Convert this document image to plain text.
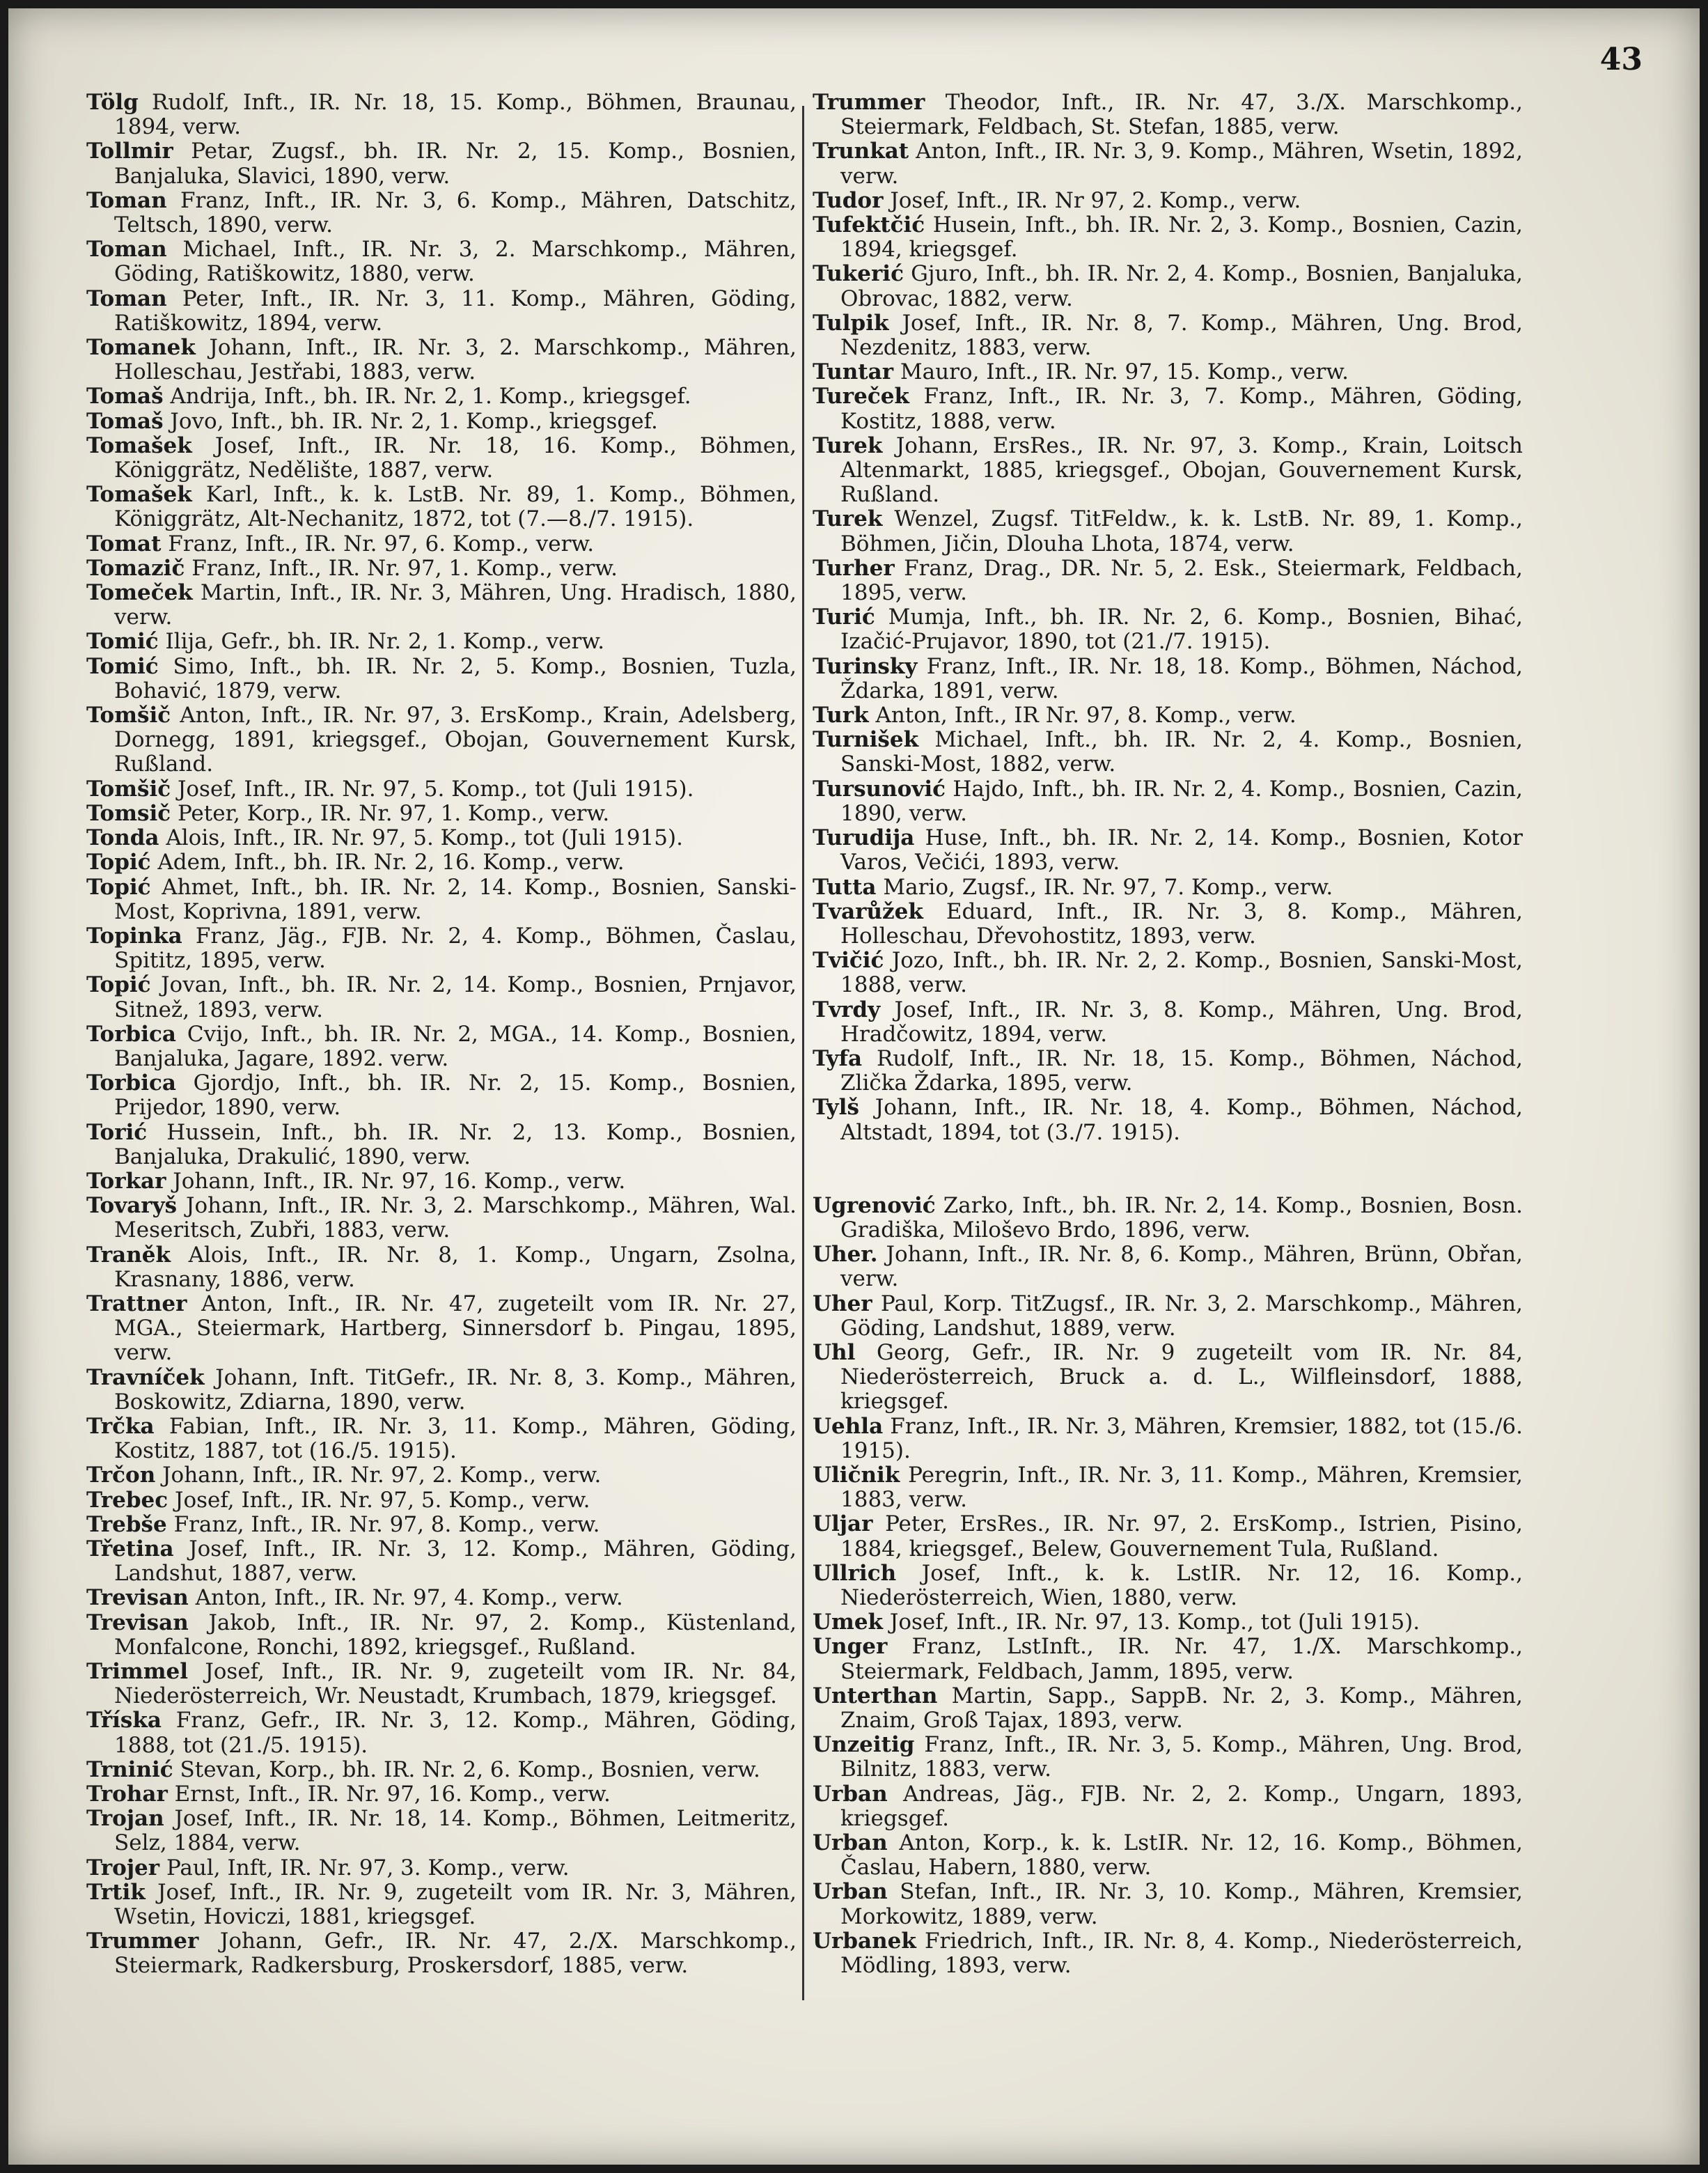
43
Tölg Rudolf, Inft., IR. Nr. 18, 15. Komp., Böhmen, Braunau, 1894, verw.
Tollmir Petar, Zugsf., bh. IR. Nr. 2, 15. Komp., Bosnien, Banjaluka, Slavici, 1890, verw.
Toman Franz, Inft., IR. Nr. 3, 6. Komp., Mähren, Datschitz, Teltsch, 1890, verw.
Toman Michael, Inft., IR. Nr. 3, 2. Marschkomp., Mähren, Göding, Ratiškowitz, 1880, verw.
Toman Peter, Inft., IR. Nr. 3, 11. Komp., Mähren, Göding, Ratiškowitz, 1894, verw.
Tomanek Johann, Inft., IR. Nr. 3, 2. Marschkomp., Mähren, Holleschau, Jestřabi, 1883, verw.
Tomaš Andrija, Inft., bh. IR. Nr. 2, 1. Komp., kriegsgef.
Tomaš Jovo, Inft., bh. IR. Nr. 2, 1. Komp., kriegsgef.
Tomašek Josef, Inft., IR. Nr. 18, 16. Komp., Böhmen, Königgrätz, Nedělište, 1887, verw.
Tomašek Karl, Inft., k. k. LstB. Nr. 89, 1. Komp., Böhmen, Königgrätz, Alt-Nechanitz, 1872, tot (7.—8./7. 1915).
Tomat Franz, Inft., IR. Nr. 97, 6. Komp., verw.
Tomazič Franz, Inft., IR. Nr. 97, 1. Komp., verw.
Tomeček Martin, Inft., IR. Nr. 3, Mähren, Ung. Hradisch, 1880, verw.
Tomić Ilija, Gefr., bh. IR. Nr. 2, 1. Komp., verw.
Tomić Simo, Inft., bh. IR. Nr. 2, 5. Komp., Bosnien, Tuzla, Bohavić, 1879, verw.
Tomšič Anton, Inft., IR. Nr. 97, 3. ErsKomp., Krain, Adelsberg, Dornegg, 1891, kriegsgef., Obojan, Gouvernement Kursk, Rußland.
Tomšič Josef, Inft., IR. Nr. 97, 5. Komp., tot (Juli 1915).
Tomsič Peter, Korp., IR. Nr. 97, 1. Komp., verw.
Tonda Alois, Inft., IR. Nr. 97, 5. Komp., tot (Juli 1915).
Topić Adem, Inft., bh. IR. Nr. 2, 16. Komp., verw.
Topić Ahmet, Inft., bh. IR. Nr. 2, 14. Komp., Bosnien, Sanski-Most, Koprivna, 1891, verw.
Topinka Franz, Jäg., FJB. Nr. 2, 4. Komp., Böhmen, Časlau, Spititz, 1895, verw.
Topić Jovan, Inft., bh. IR. Nr. 2, 14. Komp., Bosnien, Prnjavor, Sitnež, 1893, verw.
Torbica Cvijo, Inft., bh. IR. Nr. 2, MGA., 14. Komp., Bosnien, Banjaluka, Jagare, 1892. verw.
Torbica Gjordjo, Inft., bh. IR. Nr. 2, 15. Komp., Bosnien, Prijedor, 1890, verw.
Torić Hussein, Inft., bh. IR. Nr. 2, 13. Komp., Bosnien, Banjaluka, Drakulić, 1890, verw.
Torkar Johann, Inft., IR. Nr. 97, 16. Komp., verw.
Tovaryš Johann, Inft., IR. Nr. 3, 2. Marschkomp., Mähren, Wal. Meseritsch, Zubři, 1883, verw.
Traněk Alois, Inft., IR. Nr. 8, 1. Komp., Ungarn, Zsolna, Krasnany, 1886, verw.
Trattner Anton, Inft., IR. Nr. 47, zugeteilt vom IR. Nr. 27, MGA., Steiermark, Hartberg, Sinnersdorf b. Pingau, 1895, verw.
Travníček Johann, Inft. TitGefr., IR. Nr. 8, 3. Komp., Mähren, Boskowitz, Zdiarna, 1890, verw.
Trčka Fabian, Inft., IR. Nr. 3, 11. Komp., Mähren, Göding, Kostitz, 1887, tot (16./5. 1915).
Trčon Johann, Inft., IR. Nr. 97, 2. Komp., verw.
Trebec Josef, Inft., IR. Nr. 97, 5. Komp., verw.
Trebše Franz, Inft., IR. Nr. 97, 8. Komp., verw.
Třetina Josef, Inft., IR. Nr. 3, 12. Komp., Mähren, Göding, Landshut, 1887, verw.
Trevisan Anton, Inft., IR. Nr. 97, 4. Komp., verw.
Trevisan Jakob, Inft., IR. Nr. 97, 2. Komp., Küstenland, Monfalcone, Ronchi, 1892, kriegsgef., Rußland.
Trimmel Josef, Inft., IR. Nr. 9, zugeteilt vom IR. Nr. 84, Niederösterreich, Wr. Neustadt, Krumbach, 1879, kriegsgef.
Tříska Franz, Gefr., IR. Nr. 3, 12. Komp., Mähren, Göding, 1888, tot (21./5. 1915).
Trninić Stevan, Korp., bh. IR. Nr. 2, 6. Komp., Bosnien, verw.
Trohar Ernst, Inft., IR. Nr. 97, 16. Komp., verw.
Trojan Josef, Inft., IR. Nr. 18, 14. Komp., Böhmen, Leitmeritz, Selz, 1884, verw.
Trojer Paul, Inft, IR. Nr. 97, 3. Komp., verw.
Trtik Josef, Inft., IR. Nr. 9, zugeteilt vom IR. Nr. 3, Mähren, Wsetin, Hoviczi, 1881, kriegsgef.
Trummer Johann, Gefr., IR. Nr. 47, 2./X. Marschkomp., Steiermark, Radkersburg, Proskersdorf, 1885, verw.
Trummer Theodor, Inft., IR. Nr. 47, 3./X. Marschkomp., Steiermark, Feldbach, St. Stefan, 1885, verw.
Trunkat Anton, Inft., IR. Nr. 3, 9. Komp., Mähren, Wsetin, 1892, verw.
Tudor Josef, Inft., IR. Nr 97, 2. Komp., verw.
Tufektčić Husein, Inft., bh. IR. Nr. 2, 3. Komp., Bosnien, Cazin, 1894, kriegsgef.
Tukerić Gjuro, Inft., bh. IR. Nr. 2, 4. Komp., Bosnien, Banjaluka, Obrovac, 1882, verw.
Tulpik Josef, Inft., IR. Nr. 8, 7. Komp., Mähren, Ung. Brod, Nezdenitz, 1883, verw.
Tuntar Mauro, Inft., IR. Nr. 97, 15. Komp., verw.
Tureček Franz, Inft., IR. Nr. 3, 7. Komp., Mähren, Göding, Kostitz, 1888, verw.
Turek Johann, ErsRes., IR. Nr. 97, 3. Komp., Krain, Loitsch Altenmarkt, 1885, kriegsgef., Obojan, Gouvernement Kursk, Rußland.
Turek Wenzel, Zugsf. TitFeldw., k. k. LstB. Nr. 89, 1. Komp., Böhmen, Jičin, Dlouha Lhota, 1874, verw.
Turher Franz, Drag., DR. Nr. 5, 2. Esk., Steiermark, Feldbach, 1895, verw.
Turić Mumja, Inft., bh. IR. Nr. 2, 6. Komp., Bosnien, Bihać, Izačić-Prujavor, 1890, tot (21./7. 1915).
Turinsky Franz, Inft., IR. Nr. 18, 18. Komp., Böhmen, Náchod, Ždarka, 1891, verw.
Turk Anton, Inft., IR Nr. 97, 8. Komp., verw.
Turnišek Michael, Inft., bh. IR. Nr. 2, 4. Komp., Bosnien, Sanski-Most, 1882, verw.
Tursunović Hajdo, Inft., bh. IR. Nr. 2, 4. Komp., Bosnien, Cazin, 1890, verw.
Turudija Huse, Inft., bh. IR. Nr. 2, 14. Komp., Bosnien, Kotor Varos, Večići, 1893, verw.
Tutta Mario, Zugsf., IR. Nr. 97, 7. Komp., verw.
Tvarůžek Eduard, Inft., IR. Nr. 3, 8. Komp., Mähren, Holleschau, Dřevohostitz, 1893, verw.
Tvičić Jozo, Inft., bh. IR. Nr. 2, 2. Komp., Bosnien, Sanski-Most, 1888, verw.
Tvrdy Josef, Inft., IR. Nr. 3, 8. Komp., Mähren, Ung. Brod, Hradčowitz, 1894, verw.
Tyfa Rudolf, Inft., IR. Nr. 18, 15. Komp., Böhmen, Náchod, Zlička Ždarka, 1895, verw.
Tylš Johann, Inft., IR. Nr. 18, 4. Komp., Böhmen, Náchod, Altstadt, 1894, tot (3./7. 1915).
Ugrenović Zarko, Inft., bh. IR. Nr. 2, 14. Komp., Bosnien, Bosn. Gradiška, Miloševo Brdo, 1896, verw.
Uher. Johann, Inft., IR. Nr. 8, 6. Komp., Mähren, Brünn, Obřan, verw.
Uher Paul, Korp. TitZugsf., IR. Nr. 3, 2. Marschkomp., Mähren, Göding, Landshut, 1889, verw.
Uhl Georg, Gefr., IR. Nr. 9 zugeteilt vom IR. Nr. 84, Niederösterreich, Bruck a. d. L., Wilfleinsdorf, 1888, kriegsgef.
Uehla Franz, Inft., IR. Nr. 3, Mähren, Kremsier, 1882, tot (15./6. 1915).
Uličnik Peregrin, Inft., IR. Nr. 3, 11. Komp., Mähren, Kremsier, 1883, verw.
Uljar Peter, ErsRes., IR. Nr. 97, 2. ErsKomp., Istrien, Pisino, 1884, kriegsgef., Belew, Gouvernement Tula, Rußland.
Ullrich Josef, Inft., k. k. LstIR. Nr. 12, 16. Komp., Niederösterreich, Wien, 1880, verw.
Umek Josef, Inft., IR. Nr. 97, 13. Komp., tot (Juli 1915).
Unger Franz, LstInft., IR. Nr. 47, 1./X. Marschkomp., Steiermark, Feldbach, Jamm, 1895, verw.
Unterthan Martin, Sapp., SappB. Nr. 2, 3. Komp., Mähren, Znaim, Groß Tajax, 1893, verw.
Unzeitig Franz, Inft., IR. Nr. 3, 5. Komp., Mähren, Ung. Brod, Bilnitz, 1883, verw.
Urban Andreas, Jäg., FJB. Nr. 2, 2. Komp., Ungarn, 1893, kriegsgef.
Urban Anton, Korp., k. k. LstIR. Nr. 12, 16. Komp., Böhmen, Časlau, Habern, 1880, verw.
Urban Stefan, Inft., IR. Nr. 3, 10. Komp., Mähren, Kremsier, Morkowitz, 1889, verw.
Urbanek Friedrich, Inft., IR. Nr. 8, 4. Komp., Niederösterreich, Mödling, 1893, verw.
